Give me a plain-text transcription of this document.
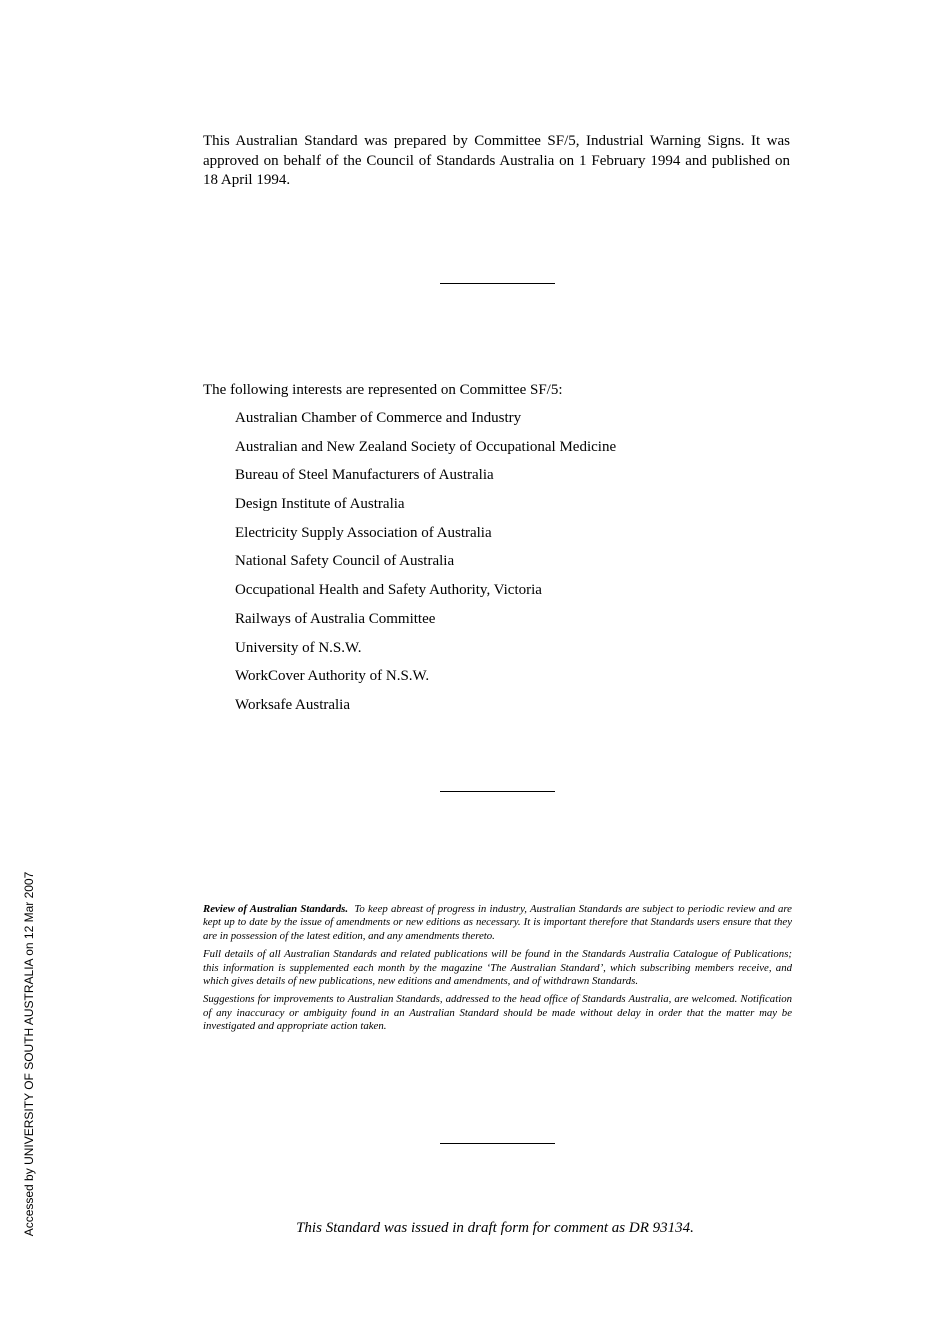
This Australian Standard was prepared by Committee SF/5, Industrial Warning Signs. It was approved on behalf of the Council of Standards Australia on 1 February 1994 and published on 18 April 1994.

The following interests are represented on Committee SF/5:

Australian Chamber of Commerce and Industry
Australian and New Zealand Society of Occupational Medicine
Bureau of Steel Manufacturers of Australia
Design Institute of Australia
Electricity Supply Association of Australia
National Safety Council of Australia
Occupational Health and Safety Authority, Victoria
Railways of Australia Committee
University of N.S.W.
WorkCover Authority of N.S.W.
Worksafe Australia

Review of Australian Standards. To keep abreast of progress in industry, Australian Standards are subject to periodic review and are kept up to date by the issue of amendments or new editions as necessary. It is important therefore that Standards users ensure that they are in possession of the latest edition, and any amendments thereto.

Full details of all Australian Standards and related publications will be found in the Standards Australia Catalogue of Publications; this information is supplemented each month by the magazine ‘The Australian Standard’, which subscribing members receive, and which gives details of new publications, new editions and amendments, and of withdrawn Standards.

Suggestions for improvements to Australian Standards, addressed to the head office of Standards Australia, are welcomed. Notification of any inaccuracy or ambiguity found in an Australian Standard should be made without delay in order that the matter may be investigated and appropriate action taken.

This Standard was issued in draft form for comment as DR 93134.

Accessed by UNIVERSITY OF SOUTH AUSTRALIA on 12 Mar 2007
